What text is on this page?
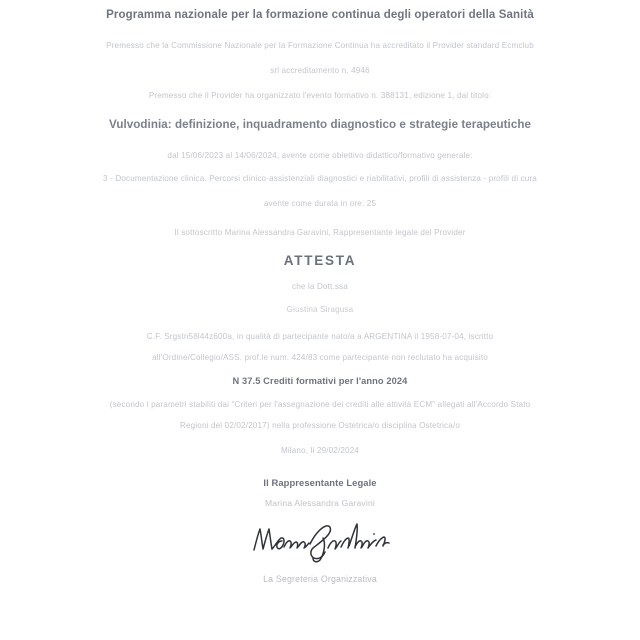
Programma nazionale per la formazione continua degli operatori della Sanità
Premesso che la Commissione Nazionale per la Formazione Continua ha accreditato il Provider standard Ecmclub
srl accreditamento n. 4946
Premesso che il Provider ha organizzato l'evento formativo n. 388131, edizione 1, dal titolo:
Vulvodinia: definizione, inquadramento diagnostico e strategie terapeutiche
dal 15/06/2023 al 14/06/2024, avente come obiettivo didattico/formativo generale:
3 - Documentazione clinica. Percorsi clinico-assistenziali diagnostici e riabilitativi, profili di assistenza - profili di cura
avente come durata in ore: 25
Il sottoscritto Marina Alessandra Garavini, Rappresentante legale del Provider
ATTESTA
che la Dott.ssa
Giustina Siragusa
C.F. Srgstn58l44z600a, in qualità di partecipante nato/a a ARGENTINA il 1958-07-04, iscritto
all'Ordine/Collegio/ASS. prof.le num. 424/83 come partecipante non reclutato ha acquisito
N 37.5 Crediti formativi per l'anno 2024
(secondo i parametri stabiliti dai "Criteri per l'assegnazione dei crediti alle attività ECM" allegati all'Accordo Stato
Regioni del 02/02/2017) nella professione Ostetrica/o disciplina Ostetrica/o
Milano, li 29/02/2024
Il Rappresentante Legale
Marina Alessandra Garavini
La Segreteria Organizzativa
